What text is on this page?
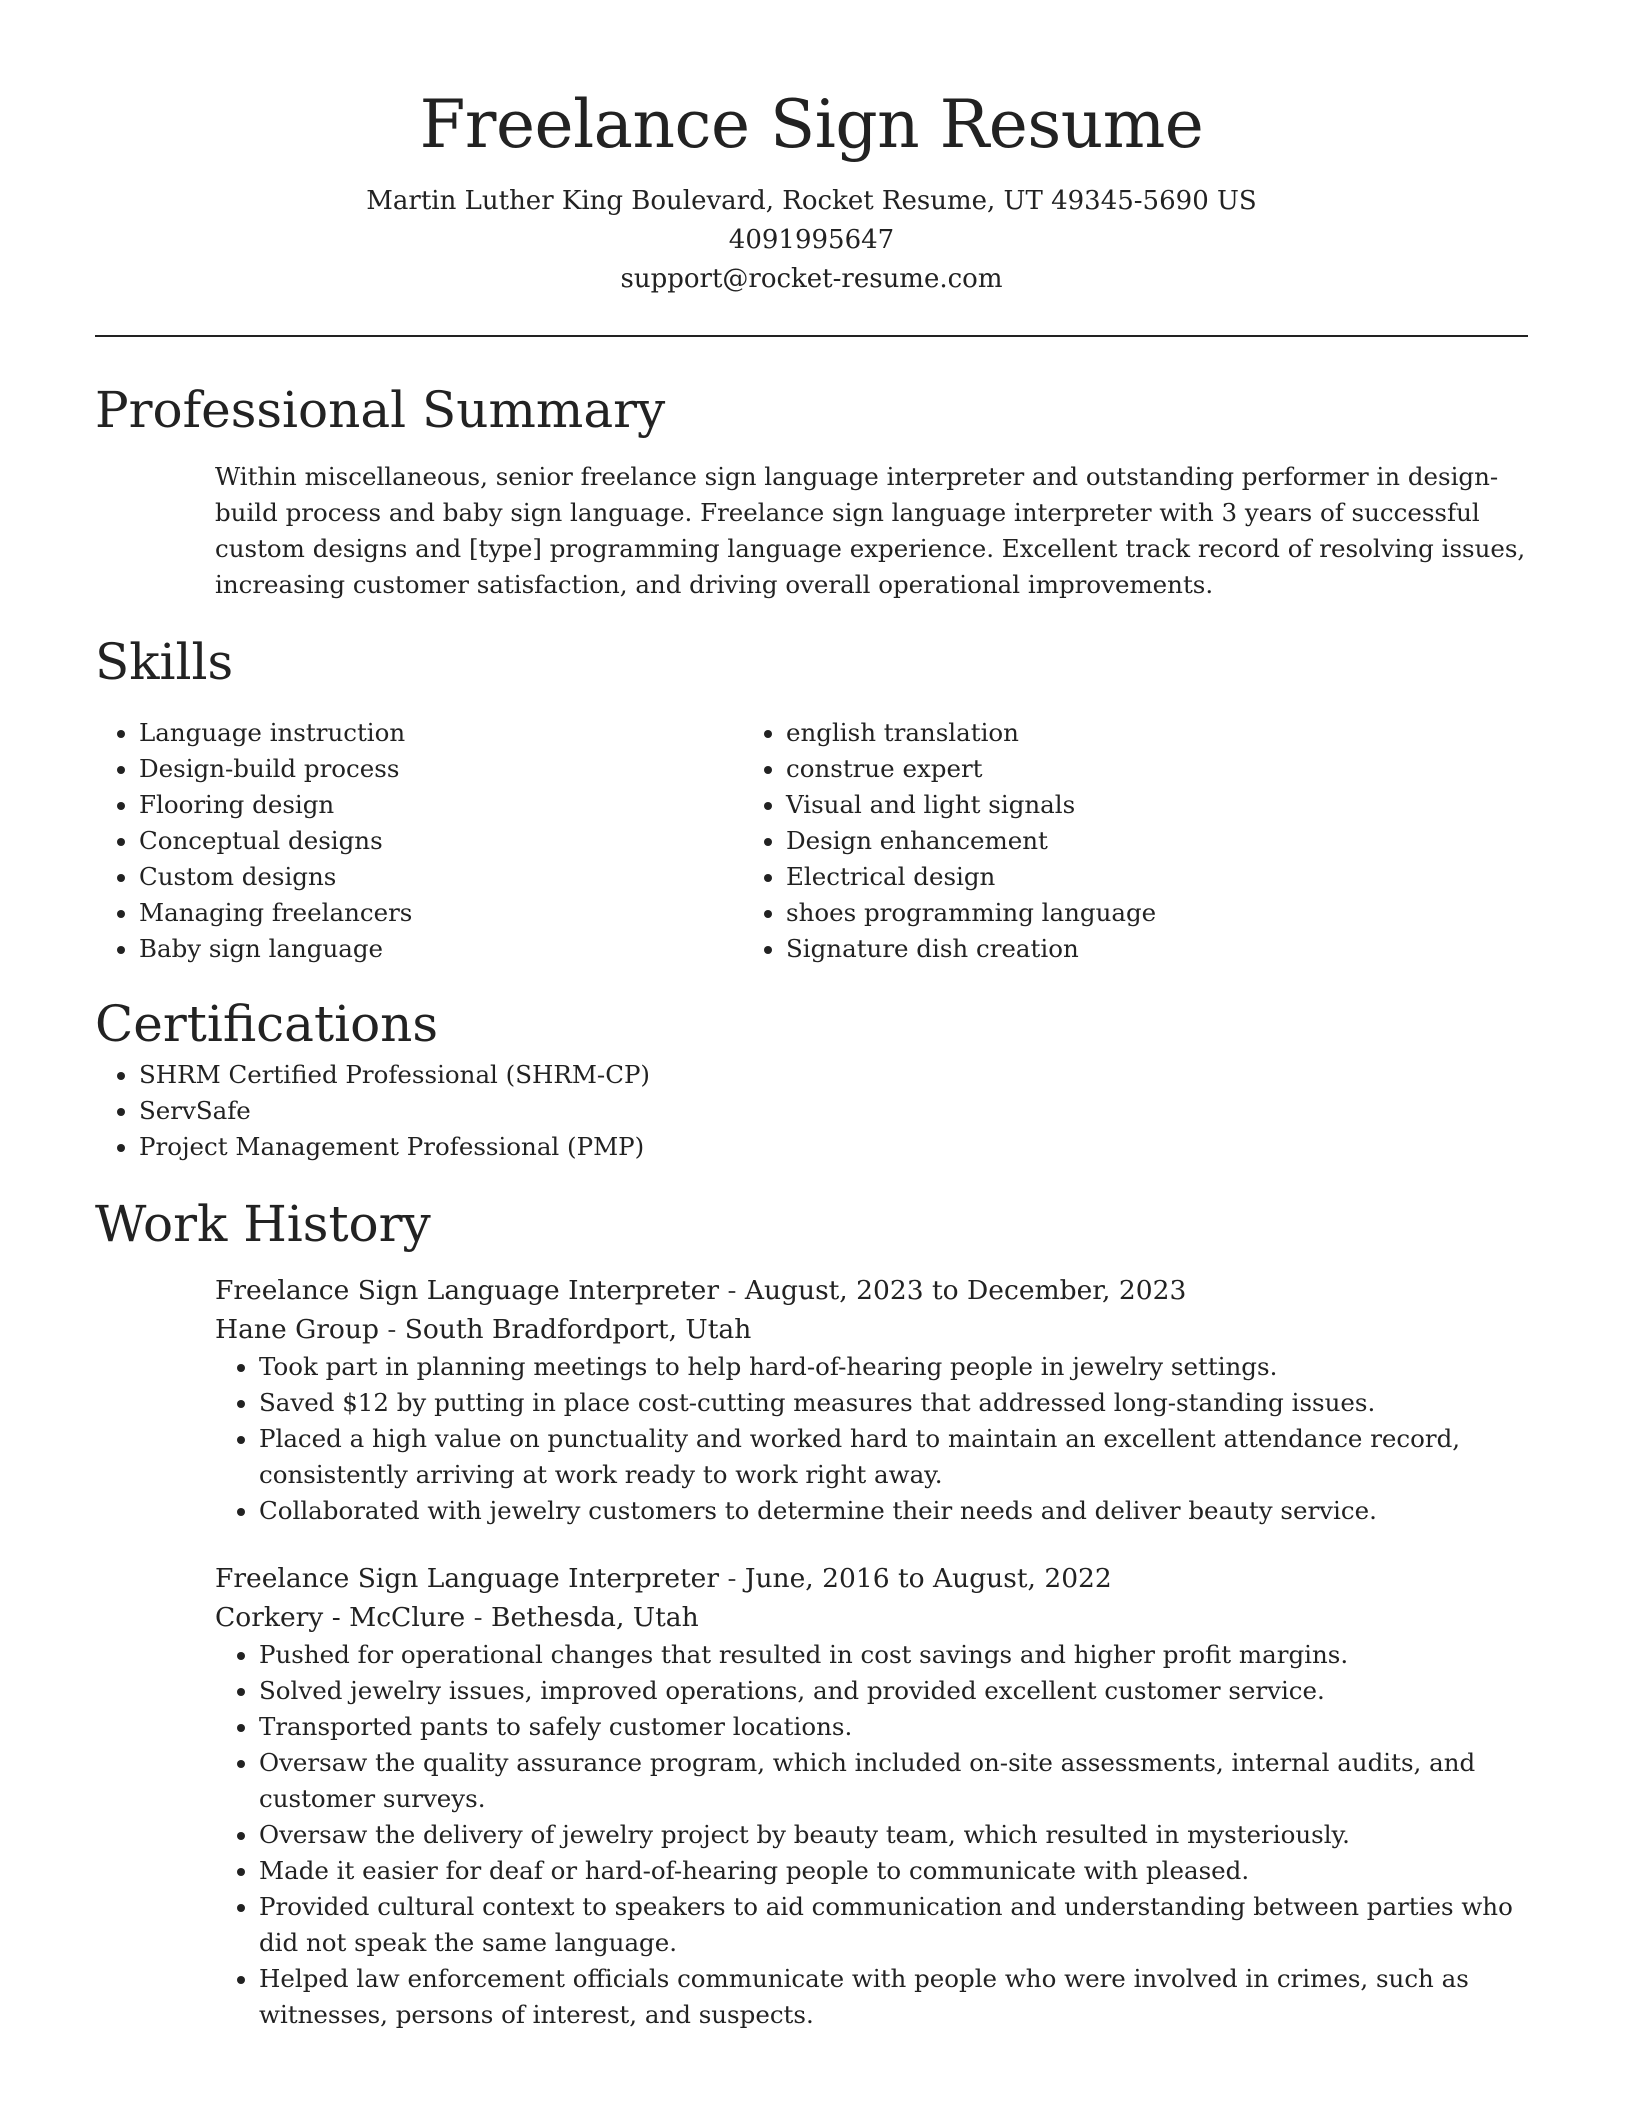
Freelance Sign Resume

Martin Luther King Boulevard, Rocket Resume, UT 49345-5690 US

4091995647

support@rocket-resume.com

Professional Summary

Within miscellaneous, senior freelance sign language interpreter and outstanding performer in design-build process and baby sign language. Freelance sign language interpreter with 3 years of successful custom designs and [type] programming language experience. Excellent track record of resolving issues, increasing customer satisfaction, and driving overall operational improvements.

Skills
• Language instruction
• Design-build process
• Flooring design
• Conceptual designs
• Custom designs
• Managing freelancers
• Baby sign language
• english translation
• construe expert
• Visual and light signals
• Design enhancement
• Electrical design
• shoes programming language
• Signature dish creation
Certifications
• SHRM Certified Professional (SHRM-CP)
• ServSafe
• Project Management Professional (PMP)
Work History

Freelance Sign Language Interpreter - August, 2023 to December, 2023

Hane Group - South Bradfordport, Utah

• Took part in planning meetings to help hard-of-hearing people in jewelry settings.
• Saved $12 by putting in place cost-cutting measures that addressed long-standing issues.
• Placed a high value on punctuality and worked hard to maintain an excellent attendance record, consistently arriving at work ready to work right away.
• Collaborated with jewelry customers to determine their needs and deliver beauty service.

Freelance Sign Language Interpreter - June, 2016 to August, 2022

Corkery - McClure - Bethesda, Utah

• Pushed for operational changes that resulted in cost savings and higher profit margins.
• Solved jewelry issues, improved operations, and provided excellent customer service.
• Transported pants to safely customer locations.
• Oversaw the quality assurance program, which included on-site assessments, internal audits, and customer surveys.
• Oversaw the delivery of jewelry project by beauty team, which resulted in mysteriously.
• Made it easier for deaf or hard-of-hearing people to communicate with pleased.
• Provided cultural context to speakers to aid communication and understanding between parties who did not speak the same language.
• Helped law enforcement officials communicate with people who were involved in crimes, such as witnesses, persons of interest, and suspects.
